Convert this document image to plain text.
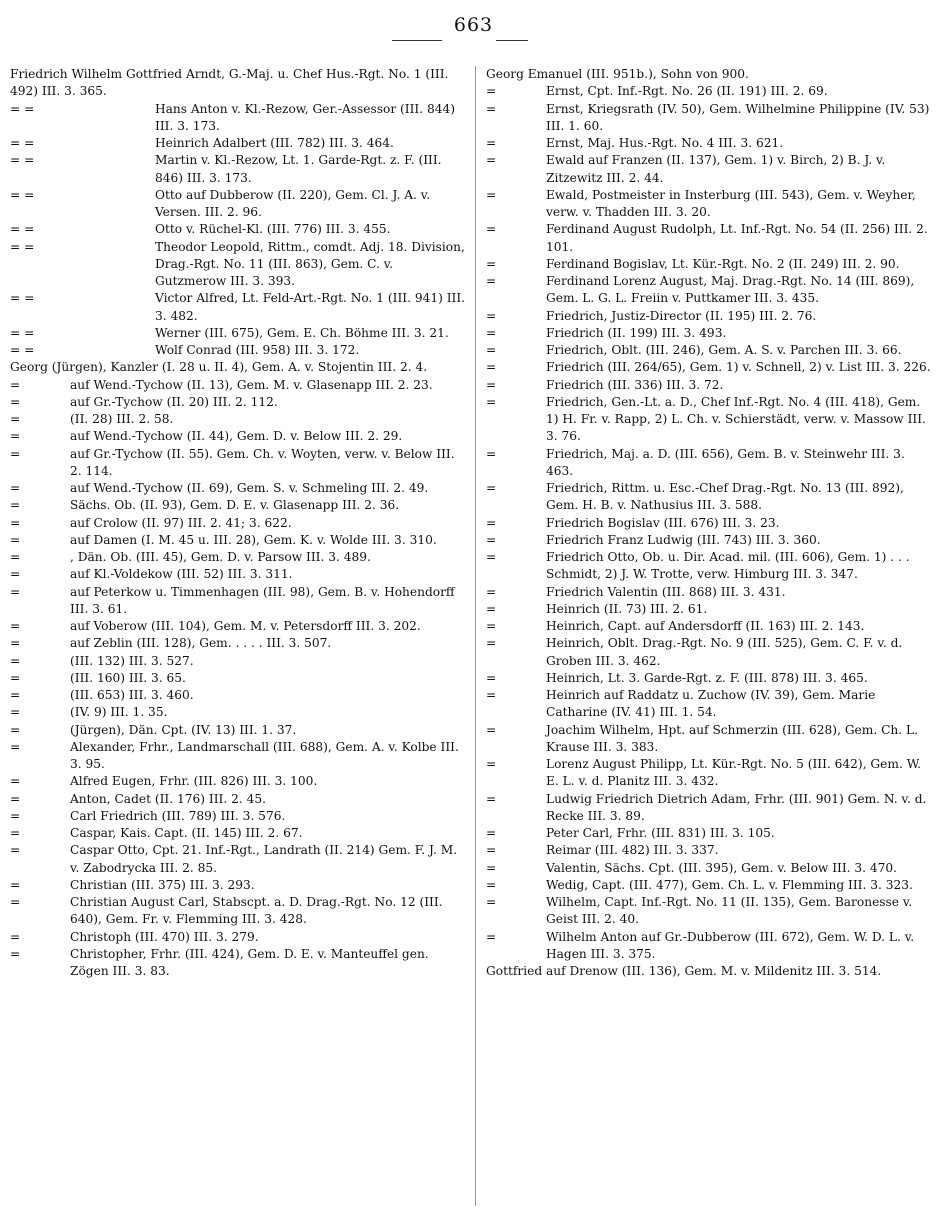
663
Friedrich Wilhelm Gottfried Arndt, G.-Maj. u. Chef Hus.-Rgt. No. 1 (III. 492) III. 3. 365.
= =	Hans Anton v. Kl.-Rezow, Ger.-Assessor (III. 844) III. 3. 173.
= =	Heinrich Adalbert (III. 782) III. 3. 464.
= =	Martin v. Kl.-Rezow, Lt. 1. Garde-Rgt. z. F. (III. 846) III. 3. 173.
= =	Otto auf Dubberow (II. 220), Gem. Cl. J. A. v. Versen. III. 2. 96.
= =	Otto v. Rüchel-Kl. (III. 776) III. 3. 455.
= =	Theodor Leopold, Rittm., comdt. Adj. 18. Division, Drag.-Rgt. No. 11 (III. 863), Gem. C. v. Gutzmerow III. 3. 393.
= =	Victor Alfred, Lt. Feld-Art.-Rgt. No. 1 (III. 941) III. 3. 482.
= =	Werner (III. 675), Gem. E. Ch. Böhme III. 3. 21.
= =	Wolf Conrad (III. 958) III. 3. 172.
Georg (Jürgen), Kanzler (I. 28 u. II. 4), Gem. A. v. Stojentin III. 2. 4.
=	auf Wend.-Tychow (II. 13), Gem. M. v. Glasenapp III. 2. 23.
=	auf Gr.-Tychow (II. 20) III. 2. 112.
=	(II. 28) III. 2. 58.
=	auf Wend.-Tychow (II. 44), Gem. D. v. Below III. 2. 29.
=	auf Gr.-Tychow (II. 55). Gem. Ch. v. Woyten, verw. v. Below III. 2. 114.
=	auf Wend.-Tychow (II. 69), Gem. S. v. Schmeling III. 2. 49.
=	Sächs. Ob. (II. 93), Gem. D. E. v. Glasenapp III. 2. 36.
=	auf Crolow (II. 97) III. 2. 41; 3. 622.
=	auf Damen (I. M. 45 u. III. 28), Gem. K. v. Wolde III. 3. 310.
=	, Dän. Ob. (III. 45), Gem. D. v. Parsow III. 3. 489.
=	auf Kl.-Voldekow (III. 52) III. 3. 311.
=	auf Peterkow u. Timmenhagen (III. 98), Gem. B. v. Hohendorff III. 3. 61.
=	auf Voberow (III. 104), Gem. M. v. Petersdorff III. 3. 202.
=	auf Zeblin (III. 128), Gem. . . . . III. 3. 507.
=	(III. 132) III. 3. 527.
=	(III. 160) III. 3. 65.
=	(III. 653) III. 3. 460.
=	(IV. 9) III. 1. 35.
=	(Jürgen), Dän. Cpt. (IV. 13) III. 1. 37.
=	Alexander, Frhr., Landmarschall (III. 688), Gem. A. v. Kolbe III. 3. 95.
=	Alfred Eugen, Frhr. (III. 826) III. 3. 100.
=	Anton, Cadet (II. 176) III. 2. 45.
=	Carl Friedrich (III. 789) III. 3. 576.
=	Caspar, Kais. Capt. (II. 145) III. 2. 67.
=	Caspar Otto, Cpt. 21. Inf.-Rgt., Landrath (II. 214) Gem. F. J. M. v. Zabodrycka III. 2. 85.
=	Christian (III. 375) III. 3. 293.
=	Christian August Carl, Stabscpt. a. D. Drag.-Rgt. No. 12 (III. 640), Gem. Fr. v. Flemming III. 3. 428.
=	Christoph (III. 470) III. 3. 279.
=	Christopher, Frhr. (III. 424), Gem. D. E. v. Manteuffel gen. Zögen III. 3. 83.
Georg Emanuel (III. 951b.), Sohn von 900.
=	Ernst, Cpt. Inf.-Rgt. No. 26 (II. 191) III. 2. 69.
=	Ernst, Kriegsrath (IV. 50), Gem. Wilhelmine Philippine (IV. 53) III. 1. 60.
=	Ernst, Maj. Hus.-Rgt. No. 4 III. 3. 621.
=	Ewald auf Franzen (II. 137), Gem. 1) v. Birch, 2) B. J. v. Zitzewitz III. 2. 44.
=	Ewald, Postmeister in Insterburg (III. 543), Gem. v. Weyher, verw. v. Thadden III. 3. 20.
=	Ferdinand August Rudolph, Lt. Inf.-Rgt. No. 54 (II. 256) III. 2. 101.
=	Ferdinand Bogislav, Lt. Kür.-Rgt. No. 2 (II. 249) III. 2. 90.
=	Ferdinand Lorenz August, Maj. Drag.-Rgt. No. 14 (III. 869), Gem. L. G. L. Freiin v. Puttkamer III. 3. 435.
=	Friedrich, Justiz-Director (II. 195) III. 2. 76.
=	Friedrich (II. 199) III. 3. 493.
=	Friedrich, Oblt. (III. 246), Gem. A. S. v. Parchen III. 3. 66.
=	Friedrich (III. 264/65), Gem. 1) v. Schnell, 2) v. List III. 3. 226.
=	Friedrich (III. 336) III. 3. 72.
=	Friedrich, Gen.-Lt. a. D., Chef Inf.-Rgt. No. 4 (III. 418), Gem. 1) H. Fr. v. Rapp, 2) L. Ch. v. Schierstädt, verw. v. Massow III. 3. 76.
=	Friedrich, Maj. a. D. (III. 656), Gem. B. v. Steinwehr III. 3. 463.
=	Friedrich, Rittm. u. Esc.-Chef Drag.-Rgt. No. 13 (III. 892), Gem. H. B. v. Nathusius III. 3. 588.
=	Friedrich Bogislav (III. 676) III. 3. 23.
=	Friedrich Franz Ludwig (III. 743) III. 3. 360.
=	Friedrich Otto, Ob. u. Dir. Acad. mil. (III. 606), Gem. 1) . . . Schmidt, 2) J. W. Trotte, verw. Himburg III. 3. 347.
=	Friedrich Valentin (III. 868) III. 3. 431.
=	Heinrich (II. 73) III. 2. 61.
=	Heinrich, Capt. auf Andersdorff (II. 163) III. 2. 143.
=	Heinrich, Oblt. Drag.-Rgt. No. 9 (III. 525), Gem. C. F. v. d. Groben III. 3. 462.
=	Heinrich, Lt. 3. Garde-Rgt. z. F. (III. 878) III. 3. 465.
=	Heinrich auf Raddatz u. Zuchow (IV. 39), Gem. Marie Catharine (IV. 41) III. 1. 54.
=	Joachim Wilhelm, Hpt. auf Schmerzin (III. 628), Gem. Ch. L. Krause III. 3. 383.
=	Lorenz August Philipp, Lt. Kür.-Rgt. No. 5 (III. 642), Gem. W. E. L. v. d. Planitz III. 3. 432.
=	Ludwig Friedrich Dietrich Adam, Frhr. (III. 901) Gem. N. v. d. Recke III. 3. 89.
=	Peter Carl, Frhr. (III. 831) III. 3. 105.
=	Reimar (III. 482) III. 3. 337.
=	Valentin, Sächs. Cpt. (III. 395), Gem. v. Below III. 3. 470.
=	Wedig, Capt. (III. 477), Gem. Ch. L. v. Flemming III. 3. 323.
=	Wilhelm, Capt. Inf.-Rgt. No. 11 (II. 135), Gem. Baronesse v. Geist III. 2. 40.
=	Wilhelm Anton auf Gr.-Dubberow (III. 672), Gem. W. D. L. v. Hagen III. 3. 375.
Gottfried auf Drenow (III. 136), Gem. M. v. Mildenitz III. 3. 514.
